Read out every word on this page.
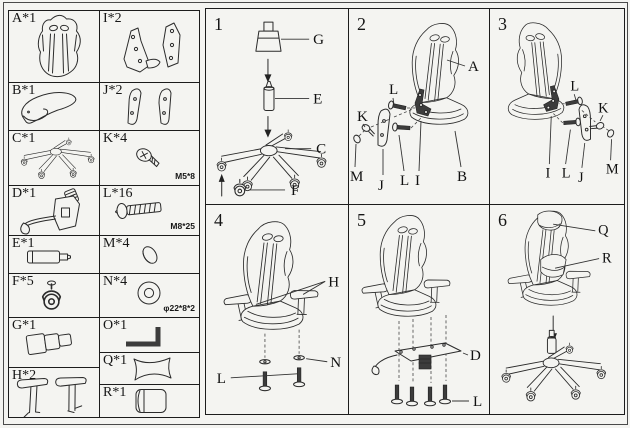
A*1
B*1
C*1
D*1
E*1
F*5
G*1
H*2
I*2
J*2
K*4
M5*8
L*16
M8*25
M*4
N*4
φ22*8*2
O*1
Q*1
R*1
1
G
E
C
F
2
A
L
K
M
J L I B
3
L
K
I L J
M
4
H
N
L
5
D
L
6
Q
R
